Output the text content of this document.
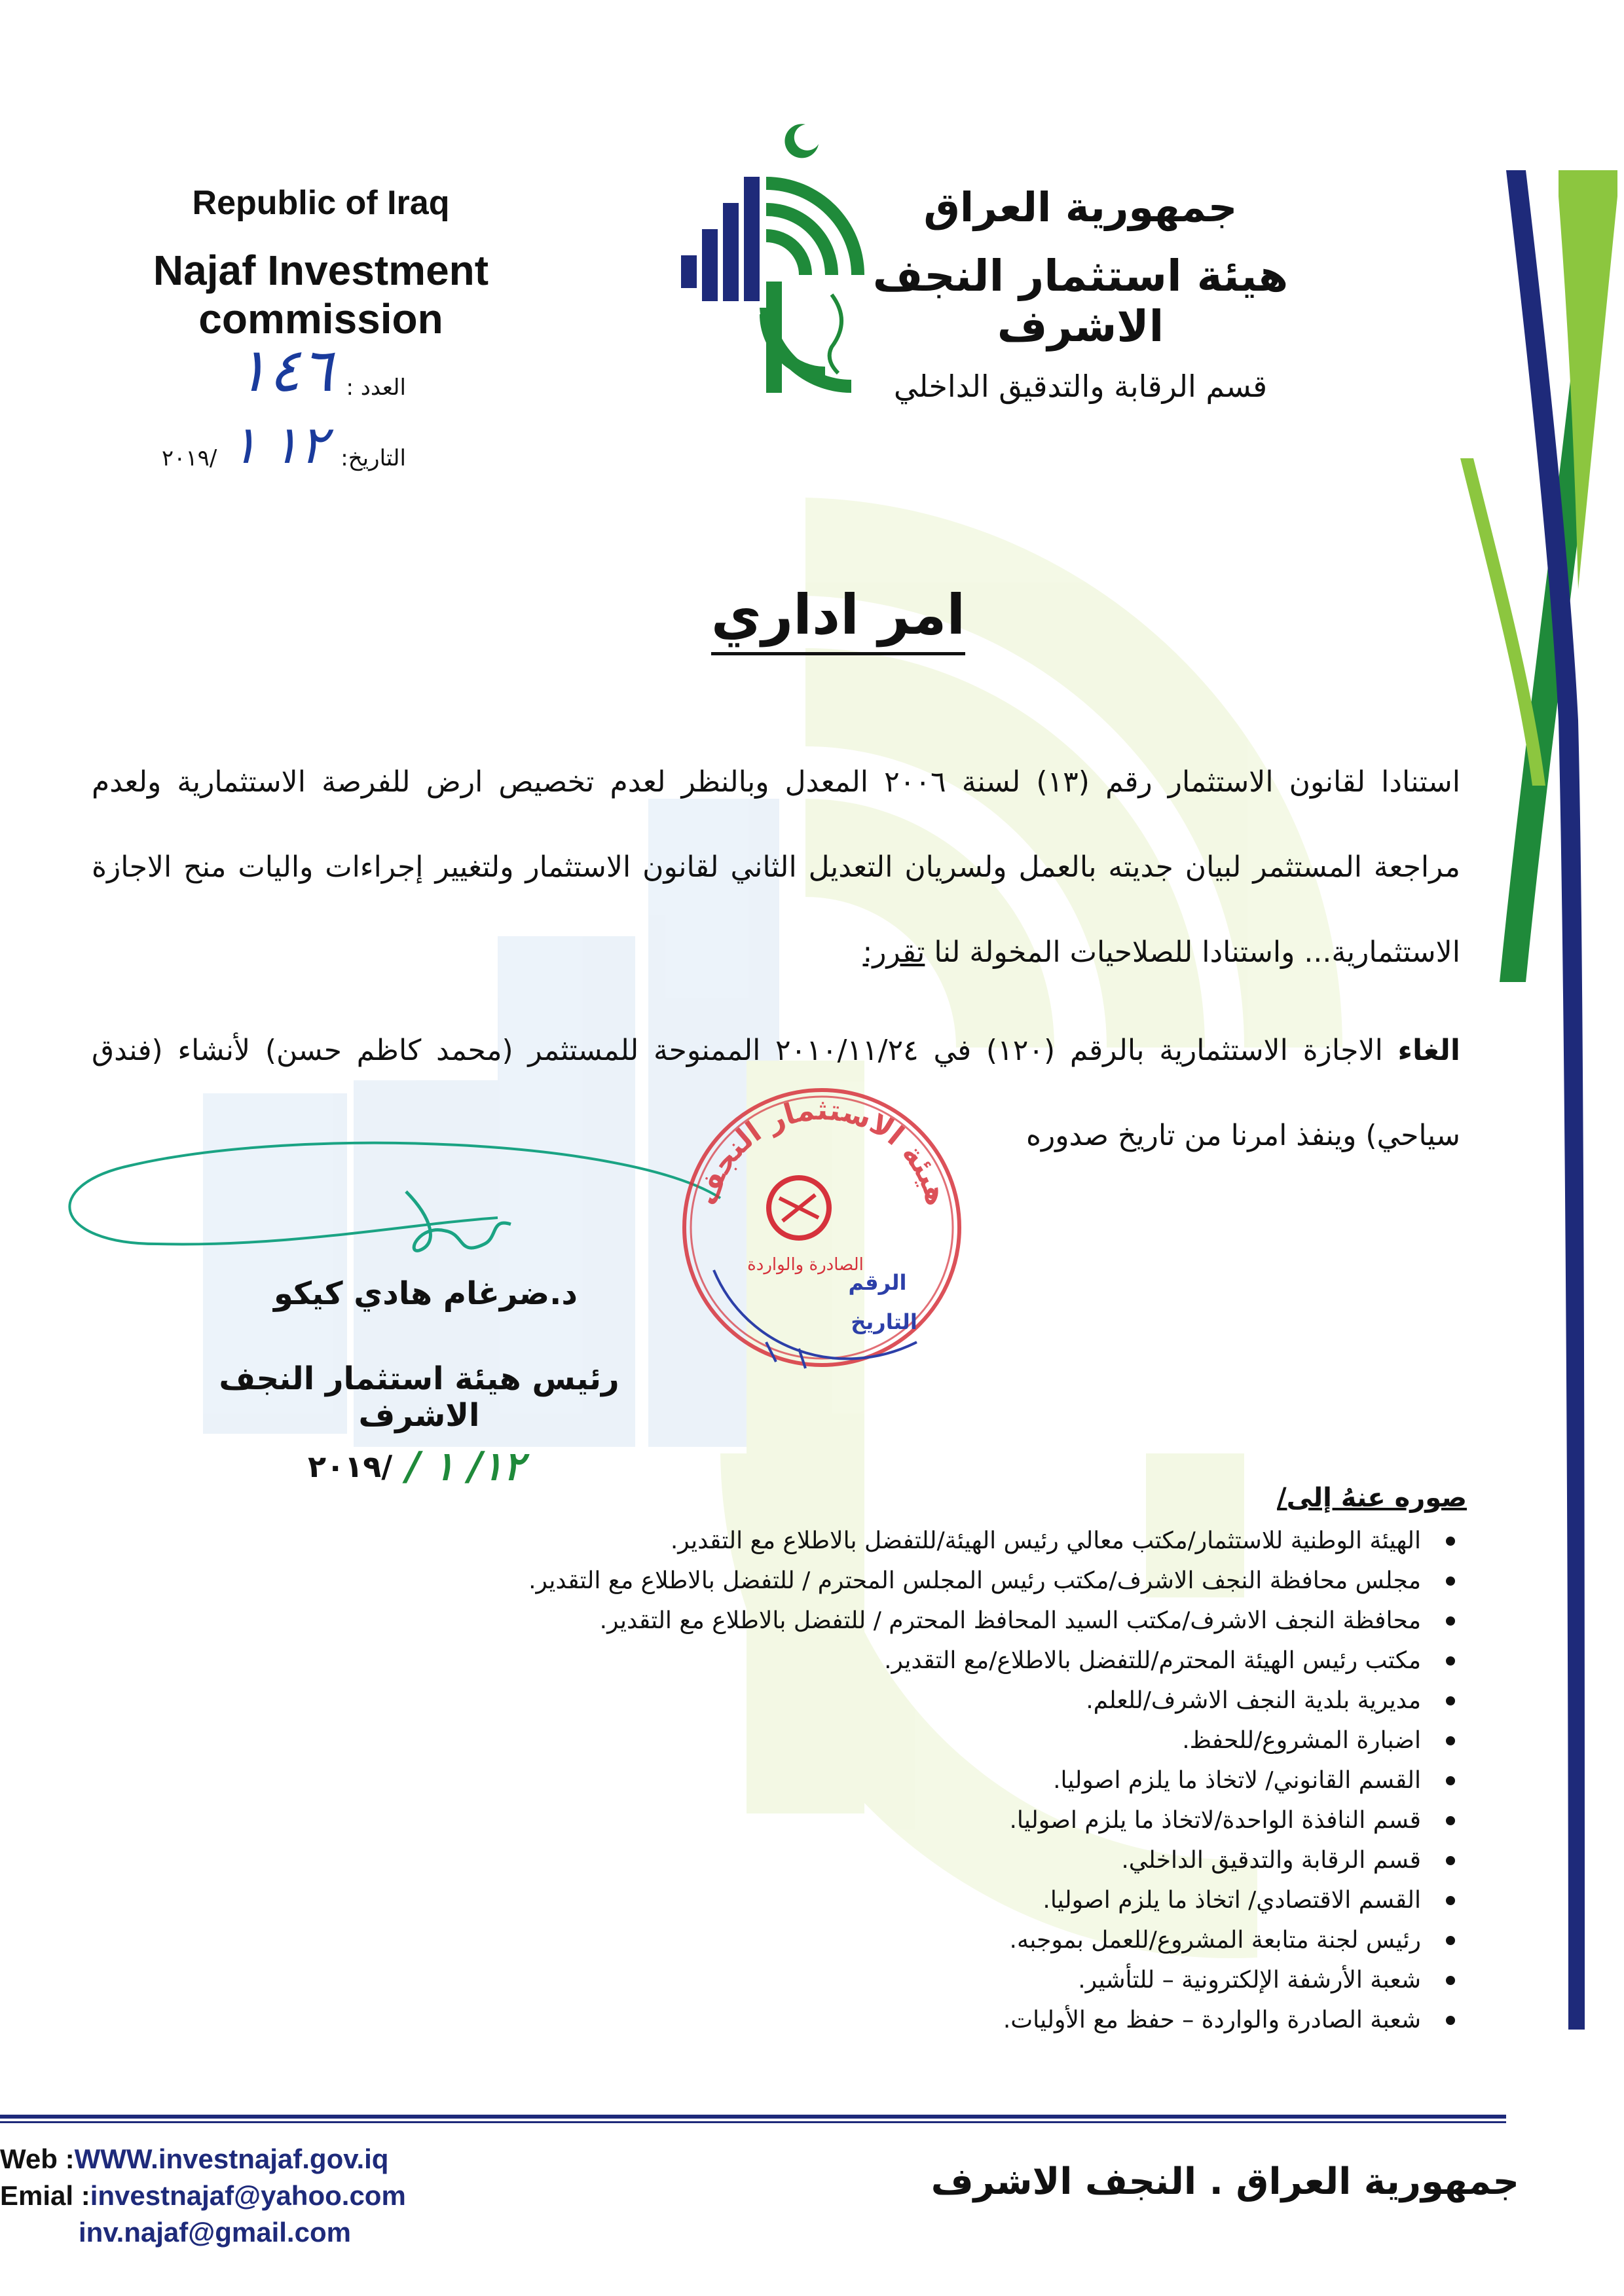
Republic of Iraq
Najaf Investment commission
جمهورية العراق
هيئة استثمار النجف الاشرف
قسم الرقابة والتدقيق الداخلي
العدد :
١٤٦
التاريخ:
١٢
١
/٢٠١٩
امر اداري

استنادا لقانون الاستثمار رقم (١٣) لسنة ٢٠٠٦ المعدل وبالنظر لعدم تخصيص ارض للفرصة الاستثمارية ولعدم مراجعة المستثمر لبيان جديته بالعمل ولسريان التعديل الثاني لقانون الاستثمار ولتغيير إجراءات واليات منح الاجازة الاستثمارية... واستنادا للصلاحيات المخولة لنا تقرر:

الغاء الاجازة الاستثمارية بالرقم (١٢٠) في ٢٠١٠/١١/٢٤ الممنوحة للمستثمر (محمد كاظم حسن) لأنشاء (فندق سياحي) وينفذ امرنا من تاريخ صدوره

د.ضرغام هادي كيكو
رئيس هيئة استثمار النجف الاشرف
٢٠١٩/ / ١ /١٢
هيئة الاستثمار النجف
الصادرة والواردة
الرقم
التاريخ
صوره عنهُ إلى/
الهيئة الوطنية للاستثمار/مكتب معالي رئيس الهيئة/للتفضل بالاطلاع مع التقدير.
مجلس محافظة النجف الاشرف/مكتب رئيس المجلس المحترم / للتفضل بالاطلاع مع التقدير.
محافظة النجف الاشرف/مكتب السيد المحافظ المحترم / للتفضل بالاطلاع مع التقدير.
مكتب رئيس الهيئة المحترم/للتفضل بالاطلاع/مع التقدير.
مديرية بلدية النجف الاشرف/للعلم.
اضبارة المشروع/للحفظ.
القسم القانوني/ لاتخاذ ما يلزم اصوليا.
قسم النافذة الواحدة/لاتخاذ ما يلزم اصوليا.
قسم الرقابة والتدقيق الداخلي.
القسم الاقتصادي/ اتخاذ ما يلزم اصوليا.
رئيس لجنة متابعة المشروع/للعمل بموجبه.
شعبة الأرشفة الإلكترونية – للتأشير.
شعبة الصادرة والواردة – حفظ مع الأوليات.
Web :WWW.investnajaf.gov.iq
Emial :investnajaf@yahoo.com
inv.najaf@gmail.com
جمهورية العراق . النجف الاشرف
